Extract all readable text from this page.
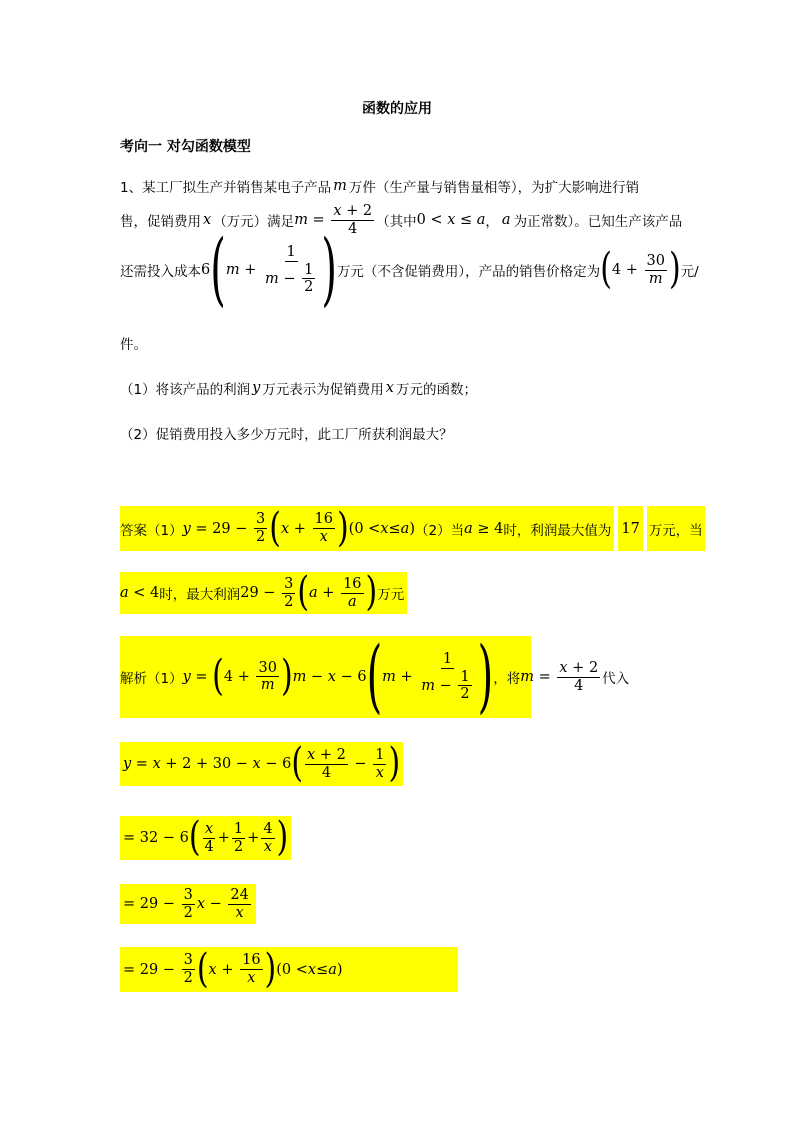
函数的应用
考向一 对勾函数模型
1、某工厂拟生产并销售某电子产品 m 万件（生产量与销售量相等），为扩大影响进行销
售，促销费用 x （万元）满足 $m = \frac{x + 2}{4}$ （其中 0 < x ≤ a ， a 为正常数）。已知生产该产品
还需投入成本 6 ( $m + \frac{1}{m - \frac{1}{2}}$ ) 万元（不含促销费用），产品的销售价格定为 ( $4 + \frac{30}{m}$ ) 元/
件。
（1）将该产品的利润 y 万元表示为促销费用 x 万元的函数；
（2）促销费用投入多少万元时，此工厂所获利润最大？
答案（1） $y = 29 - \frac{3}{2}$ ( $x + \frac{16}{x}$ ) (0 < x ≤ a ) （2）当 a ≥ 4 时，利润最大值为 17 万元，当
a < 4 时，最大利润 $29 - \frac{3}{2}$ ( $a + \frac{16}{a}$ ) 万元
解析（1） y = ( $4 + \frac{30}{m}$ ) m − x − 6 ( $m + \frac{1}{m - \frac{1}{2}}$ ) ，将 $m = \frac{x + 2}{4}$ 代入
y = x + 2 + 30 − x − 6 ( $\frac{x + 2}{4} - \frac{1}{x}$ )
= 32 − 6 ( $\frac{x}{4} + \frac{1}{2} + \frac{4}{x}$ )
= $29 - \frac{3}{2}$ $x - \frac{24}{x}$
= $29 - \frac{3}{2}$ ( $x + \frac{16}{x}$ ) (0 < x ≤ a )
